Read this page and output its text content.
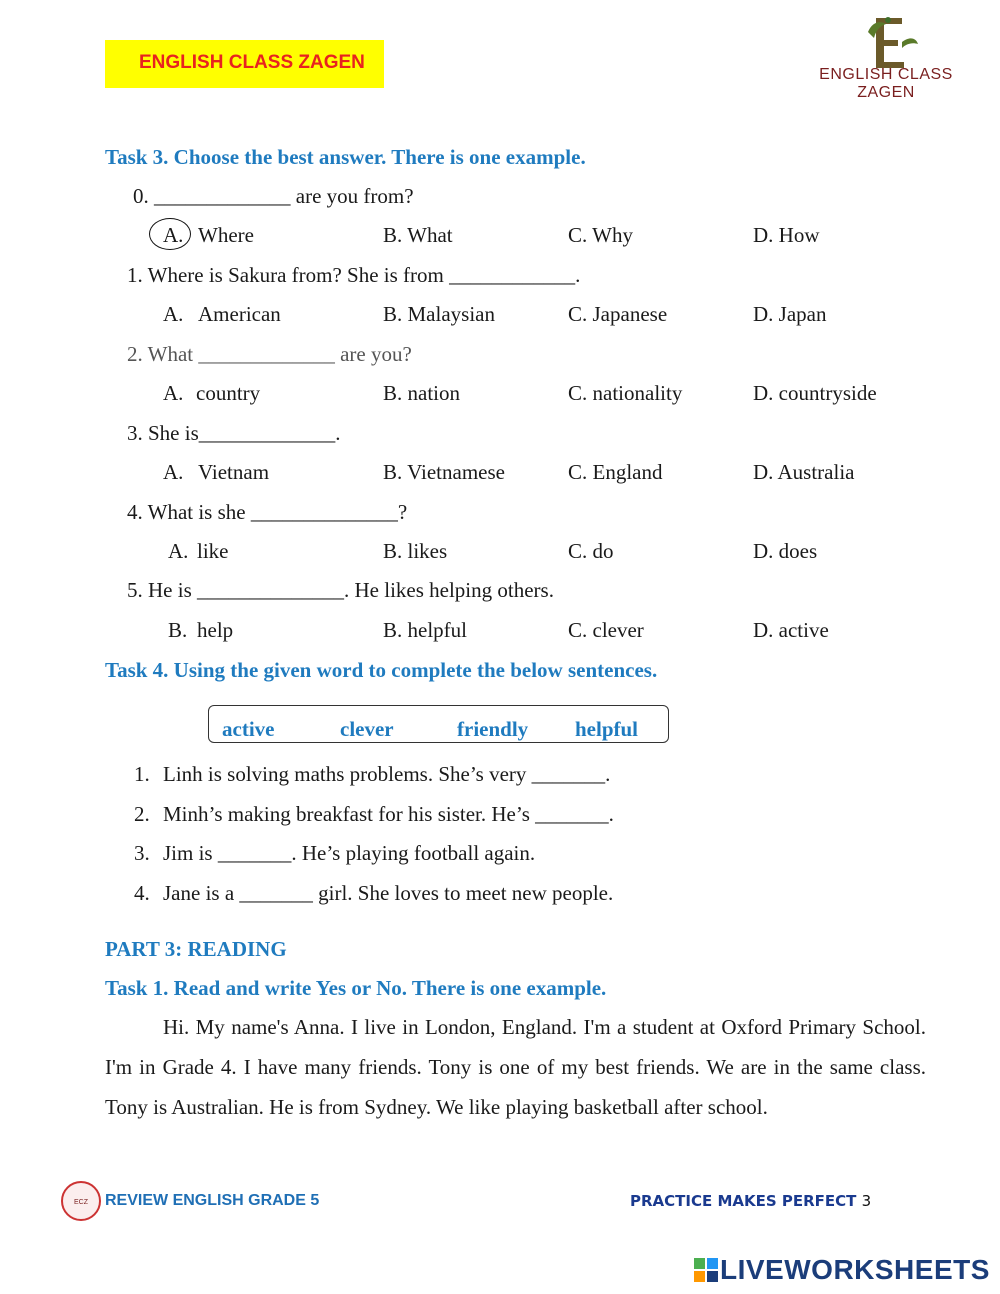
ENGLISH CLASS ZAGEN
ENGLISH CLASS ZAGEN
Task 3. Choose the best answer. There is one example.
0. _____________ are you from?
A. Where	B. What	C. Why	D. How
1. Where is Sakura from? She is from ____________.
A. American	B. Malaysian	C. Japanese	D. Japan
2. What _____________ are you?
A. country	B. nation	C. nationality	D. countryside
3. She is_____________.
A. Vietnam	B. Vietnamese	C. England	D. Australia
4. What is she ______________?
A. like	B. likes	C. do	D. does
5. He is ______________. He likes helping others.
B. help	B. helpful	C. clever	D. active
Task 4. Using the given word to complete the below sentences.
active	clever	friendly helpful
1. Linh is solving maths problems. She’s very _______.
2. Minh’s making breakfast for his sister. He’s _______.
3. Jim is _______. He’s playing football again.
4. Jane is a _______ girl. She loves to meet new people.
PART 3: READING
Task 1. Read and write Yes or No. There is one example.
Hi. My name's Anna. I live in London, England. I'm a student at Oxford Primary School. I'm in Grade 4. I have many friends. Tony is one of my best friends. We are in the same class. Tony is Australian. He is from Sydney. We like playing basketball after school.
ECZ REVIEW ENGLISH GRADE 5	PRACTICE MAKES PERFECT 3
LIVEWORKSHEETS
